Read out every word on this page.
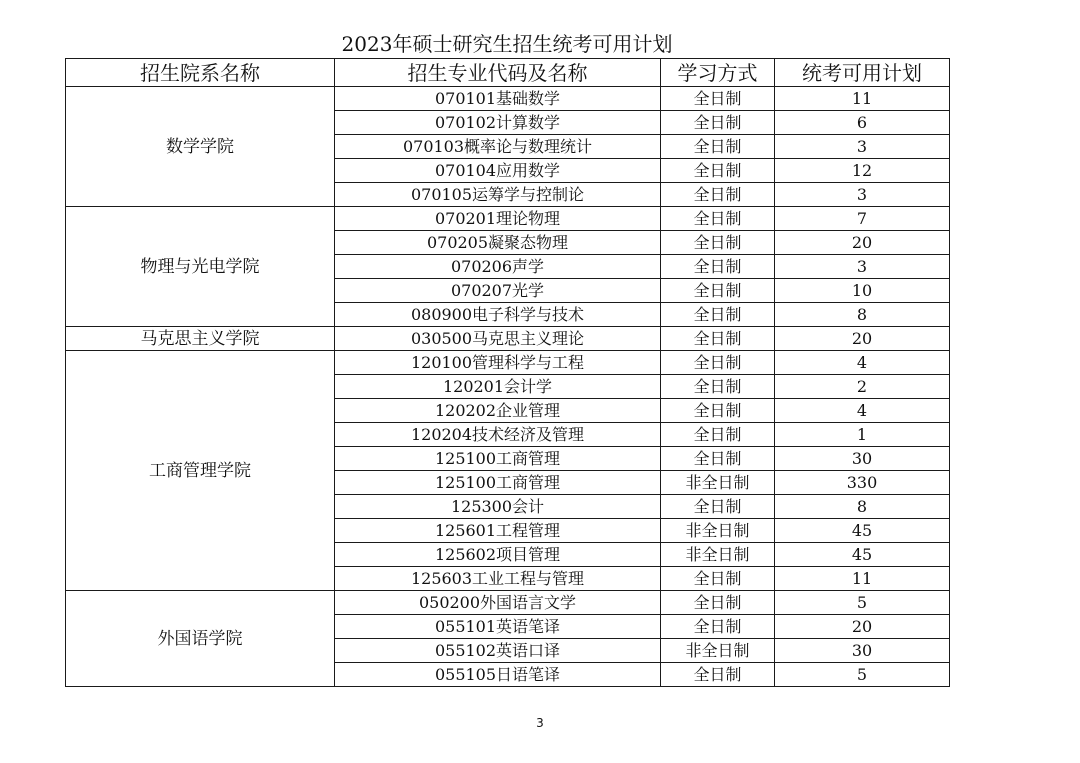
2023年硕士研究生招生统考可用计划
招生院系名称	招生专业代码及名称	学习方式	统考可用计划
数学学院	070101基础数学	全日制	11
	070102计算数学	全日制	6
	070103概率论与数理统计	全日制	3
	070104应用数学	全日制	12
	070105运筹学与控制论	全日制	3
物理与光电学院	070201理论物理	全日制	7
	070205凝聚态物理	全日制	20
	070206声学	全日制	3
	070207光学	全日制	10
	080900电子科学与技术	全日制	8
马克思主义学院	030500马克思主义理论	全日制	20
工商管理学院	120100管理科学与工程	全日制	4
	120201会计学	全日制	2
	120202企业管理	全日制	4
	120204技术经济及管理	全日制	1
	125100工商管理	全日制	30
	125100工商管理	非全日制	330
	125300会计	全日制	8
	125601工程管理	非全日制	45
	125602项目管理	非全日制	45
	125603工业工程与管理	全日制	11
外国语学院	050200外国语言文学	全日制	5
	055101英语笔译	全日制	20
	055102英语口译	非全日制	30
	055105日语笔译	全日制	5
3
